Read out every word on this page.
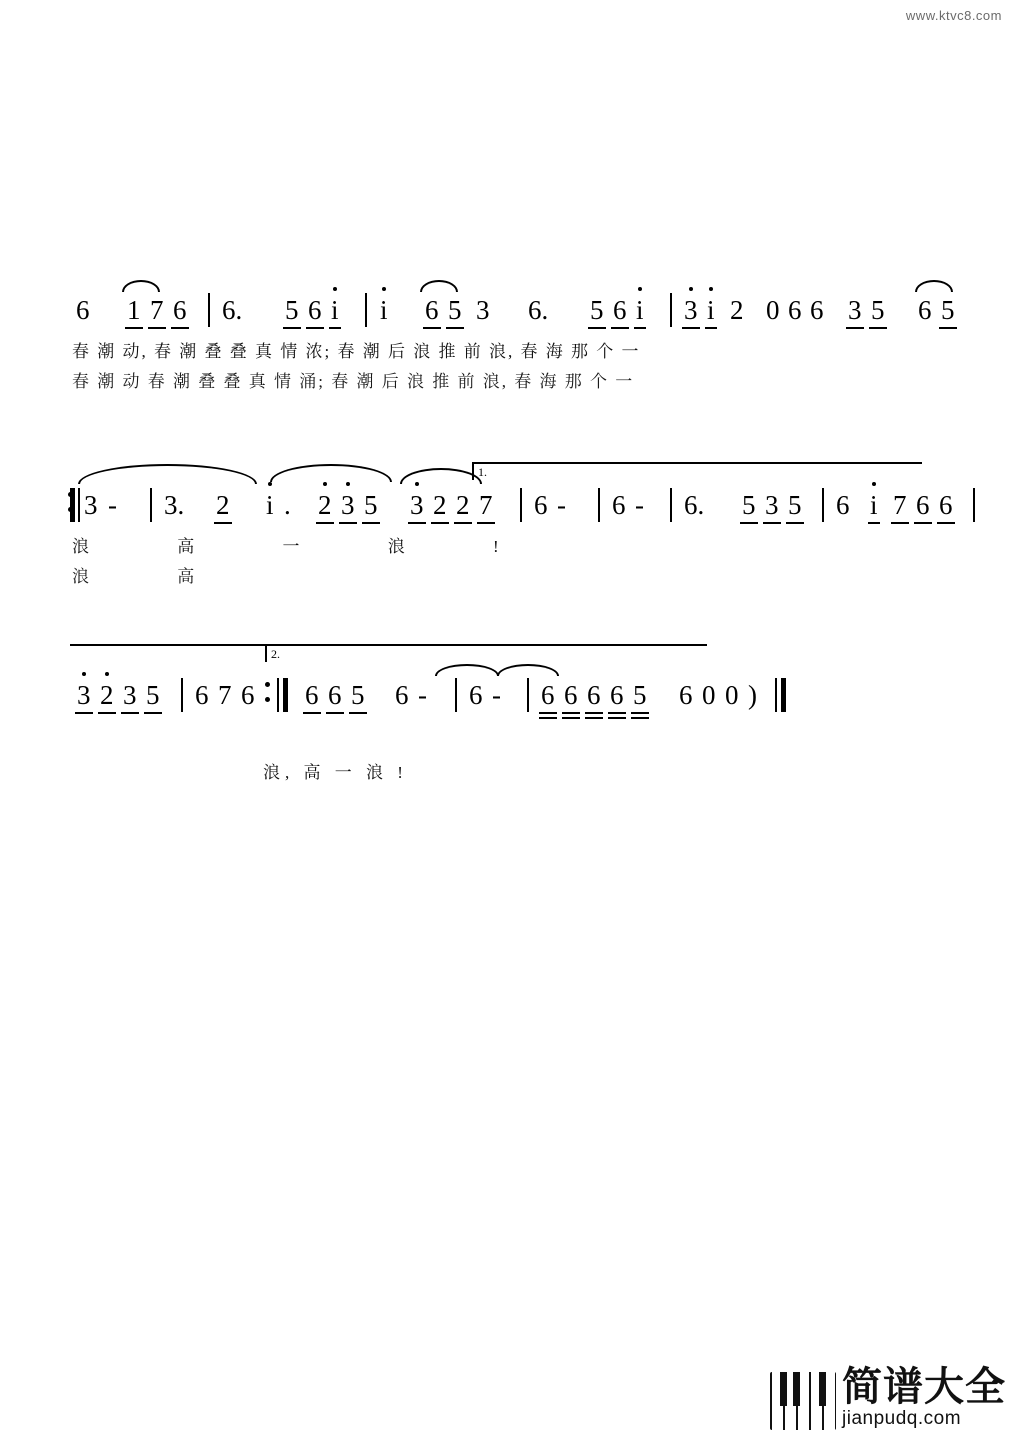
www.ktvc8.com
6 1 7 6 6. 5 6 i i 6 5 3 6. 5 6 i 3 i 2 0 6 6 3 5 6 5
春 潮 动, 春 潮 叠 叠 真 情 浓; 春 潮 后 浪 推 前 浪, 春 海 那 个 一
春 潮 动 春 潮 叠 叠 真 情 涌; 春 潮 后 浪 推 前 浪, 春 海 那 个 一
1.
3 - 3. 2 i . 2 3 5 3 2 2 7 6 - 6 - 6. 5 3 5 6 i 7 6 6
浪 高 一 浪 !
浪 高
2.
3 2 3 5 6 7 6 6 6 5 6 - 6 - 6 6 6 6 5 6 0 0 )
浪, 高 一 浪 !
简谱大全
jianpudq.com
